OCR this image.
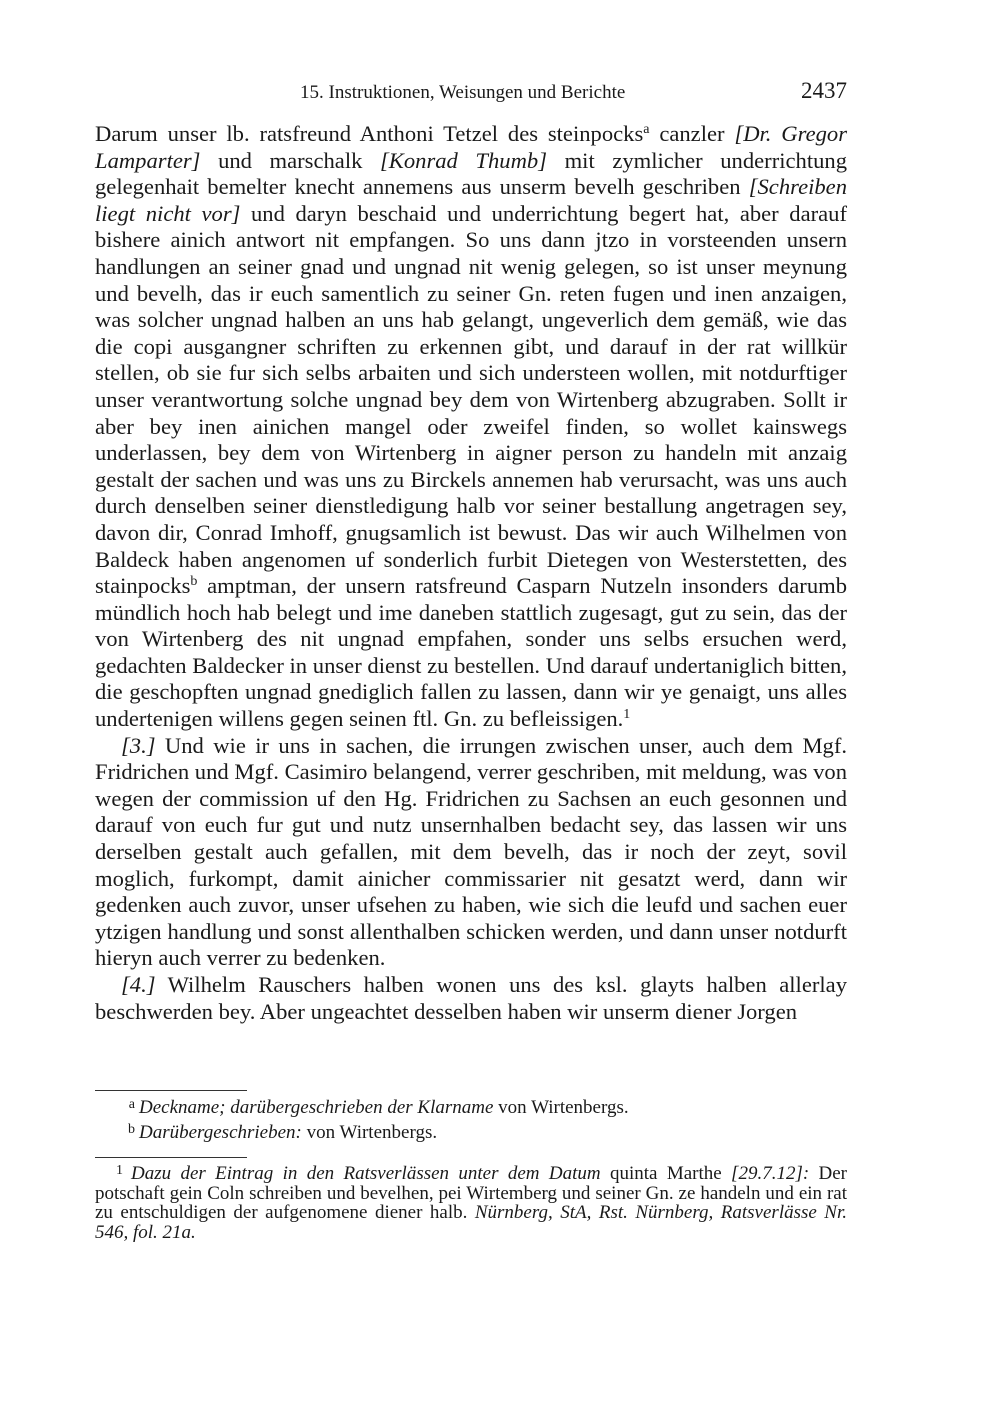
15. Instruktionen, Weisungen und Berichte	2437

Darum unser lb. ratsfreund Anthoni Tetzel des steinpocks$^a$ canzler [Dr. Gregor Lamparter] und marschalk [Konrad Thumb] mit zymlicher underrichtung gelegenhait bemelter knecht annemens aus unserm bevelh geschriben [Schreiben liegt nicht vor] und daryn beschaid und underrichtung begert hat, aber darauf bishere ainich antwort nit empfangen. So uns dann jtzo in vorsteenden unsern handlungen an seiner gnad und ungnad nit wenig gelegen, so ist unser meynung und bevelh, das ir euch samentlich zu seiner Gn. reten fugen und inen anzaigen, was solcher ungnad halben an uns hab gelangt, ungeverlich dem gemäß, wie das die copi ausgangner schriften zu erkennen gibt, und darauf in der rat willkür stellen, ob sie fur sich selbs arbaiten und sich understeen wollen, mit notdurftiger unser verantwortung solche ungnad bey dem von Wirtenberg abzugraben. Sollt ir aber bey inen ainichen mangel oder zweifel finden, so wollet kainswegs underlassen, bey dem von Wirtenberg in aigner person zu handeln mit anzaig gestalt der sachen und was uns zu Birckels annemen hab verursacht, was uns auch durch denselben seiner dienstledigung halb vor seiner bestallung angetragen sey, davon dir, Conrad Imhoff, gnugsamlich ist bewust. Das wir auch Wilhelmen von Baldeck haben angenomen uf sonderlich furbit Dietegen von Westerstetten, des stainpocks$^b$ amptman, der unsern ratsfreund Casparn Nutzeln insonders darumb mündlich hoch hab belegt und ime daneben stattlich zugesagt, gut zu sein, das der von Wirtenberg des nit ungnad empfahen, sonder uns selbs ersuchen werd, gedachten Baldecker in unser dienst zu bestellen. Und darauf undertaniglich bitten, die geschopften ungnad gnediglich fallen zu lassen, dann wir ye genaigt, uns alles undertenigen willens gegen seinen ftl. Gn. zu befleissigen.$^1$

[3.] Und wie ir uns in sachen, die irrungen zwischen unser, auch dem Mgf. Fridrichen und Mgf. Casimiro belangend, verrer geschriben, mit meldung, was von wegen der commission uf den Hg. Fridrichen zu Sachsen an euch gesonnen und darauf von euch fur gut und nutz unsernhalben bedacht sey, das lassen wir uns derselben gestalt auch gefallen, mit dem bevelh, das ir noch der zeyt, sovil moglich, furkompt, damit ainicher commissarier nit gesatzt werd, dann wir gedenken auch zuvor, unser ufsehen zu haben, wie sich die leufd und sachen euer ytzigen handlung und sonst allenthalben schicken werden, und dann unser notdurft hieryn auch verrer zu bedenken.

[4.] Wilhelm Rauschers halben wonen uns des ksl. glayts halben allerlay beschwerden bey. Aber ungeachtet desselben haben wir unserm diener Jorgen

a Deckname; darübergeschrieben der Klarname von Wirtenbergs.
b Darübergeschrieben: von Wirtenbergs.
1 Dazu der Eintrag in den Ratsverlässen unter dem Datum quinta Marthe [29.7.12]: Der potschaft gein Coln schreiben und bevelhen, pei Wirtemberg und seiner Gn. ze handeln und ein rat zu entschuldigen der aufgenomene diener halb. Nürnberg, StA, Rst. Nürnberg, Ratsverlässe Nr. 546, fol. 21a.
